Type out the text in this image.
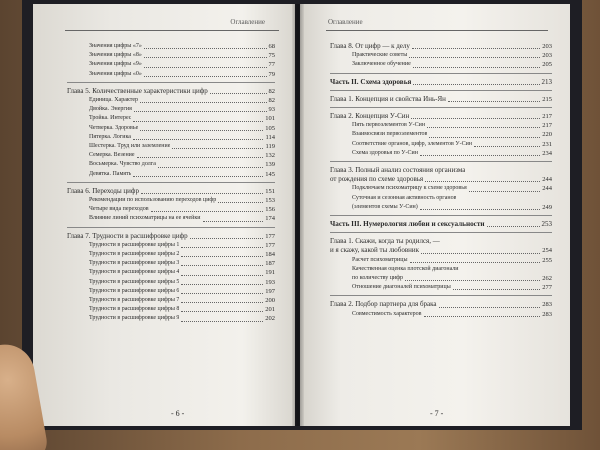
Оглавление
Значения цифры «7»	68
Значения цифры «8»	75
Значения цифры «9»	77
Значения цифры «0»	79
Глава 5. Количественные характеристики цифр	82
Единица. Характер	82
Двойка. Энергия	93
Тройка. Интерес	101
Четверка. Здоровье	105
Пятерка. Логика	114
Шестерка. Труд или заземление	119
Семерка. Везение	132
Восьмерка. Чувство долга	139
Девятка. Память	145
Глава 6. Переходы цифр	151
Рекомендации по использованию переходов цифр	153
Четыре вида переходов	156
Влияние линий психоматрицы на ее ячейки	174
Глава 7. Трудности в расшифровке цифр	177
Трудности в расшифровке цифры 1	177
Трудности в расшифровке цифры 2	184
Трудности в расшифровке цифры 3	187
Трудности в расшифровке цифры 4	191
Трудности в расшифровке цифры 5	193
Трудности в расшифровке цифры 6	197
Трудности в расшифровке цифры 7	200
Трудности в расшифровке цифры 8	201
Трудности в расшифровке цифры 9	202
- 6 -
Оглавление
Глава 8. От цифр — к делу	203
Практические советы	203
Заключенное обучение	205
Часть II. Схема здоровья	213
Глава 1. Концепция и свойства Инь-Ян	215
Глава 2. Концепция У-Син	217
Пять первоэлементов У-Син	217
Взаимосвязи первоэлементов	220
Соответствие органов, цифр, элементов У-Син	231
Схема здоровья по У-Син	234
Глава 3. Полный анализ состояния организма
от рождения по схеме здоровья	244
Подключаем психоматрицу к схеме здоровья	244
Суточная и сезонная активность органов
(элементов схемы У-Син)	249
Часть III. Нумерология любви и сексуальности	253
Глава 1. Скажи, когда ты родился, —
и я скажу, какой ты любовник	254
Расчет психоматрицы	255
Качественная оценка плотской диагонали
по количеству цифр	262
Отношение диагоналей психоматрицы	277
Глава 2. Подбор партнера для брака	283
Совместимость характеров	283
- 7 -
